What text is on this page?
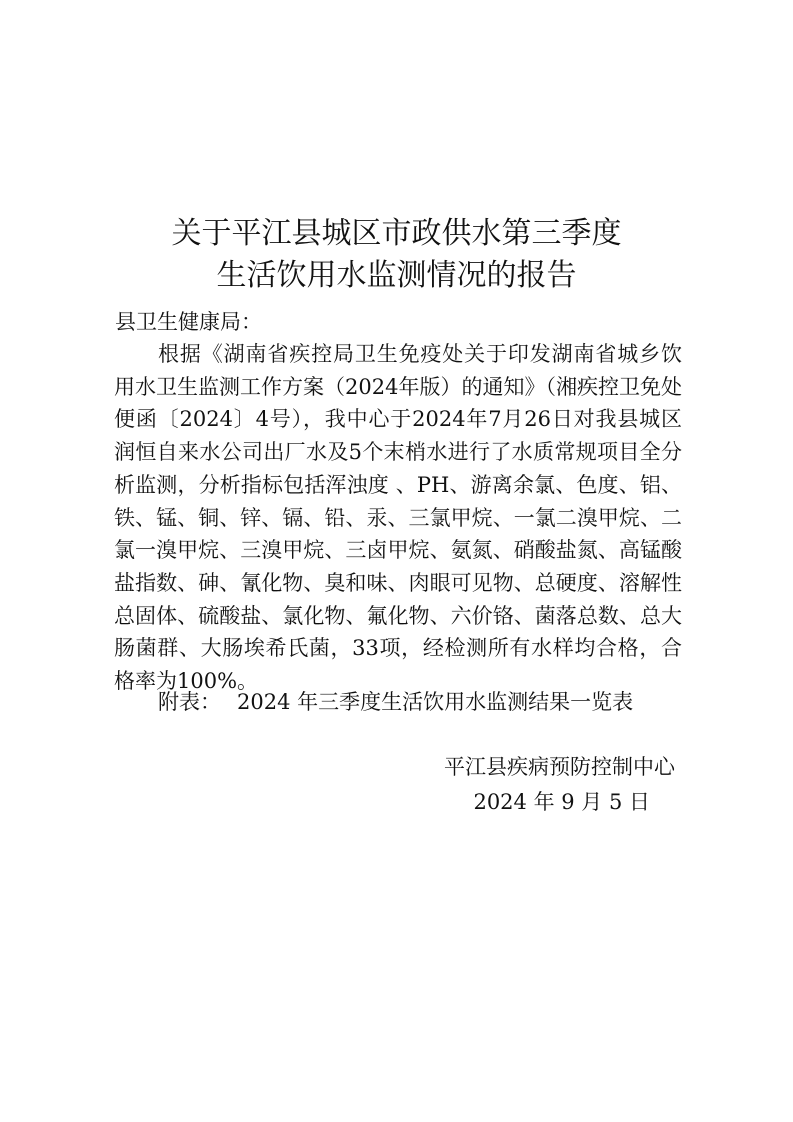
关于平江县城区市政供水第三季度
生活饮用水监测情况的报告
县卫生健康局：

根据《湖南省疾控局卫生免疫处关于印发湖南省城乡饮用水卫生监测工作方案（2024年版）的通知》（湘疾控卫免处便函〔2024〕4号），我中心于2024年7月26日对我县城区润恒自来水公司出厂水及5个末梢水进行了水质常规项目全分析监测，分析指标包括浑浊度 、PH、游离余氯、色度、铝、铁、锰、铜、锌、镉、铅、汞、三氯甲烷、一氯二溴甲烷、二氯一溴甲烷、三溴甲烷、三卤甲烷、氨氮、硝酸盐氮、高锰酸盐指数、砷、氰化物、臭和味、肉眼可见物、总硬度、溶解性总固体、硫酸盐、氯化物、氟化物、六价铬、菌落总数、总大肠菌群、大肠埃希氏菌，33项，经检测所有水样均合格，合格率为100%。

附表： 2024 年三季度生活饮用水监测结果一览表
平江县疾病预防控制中心
2024 年 9 月 5 日
